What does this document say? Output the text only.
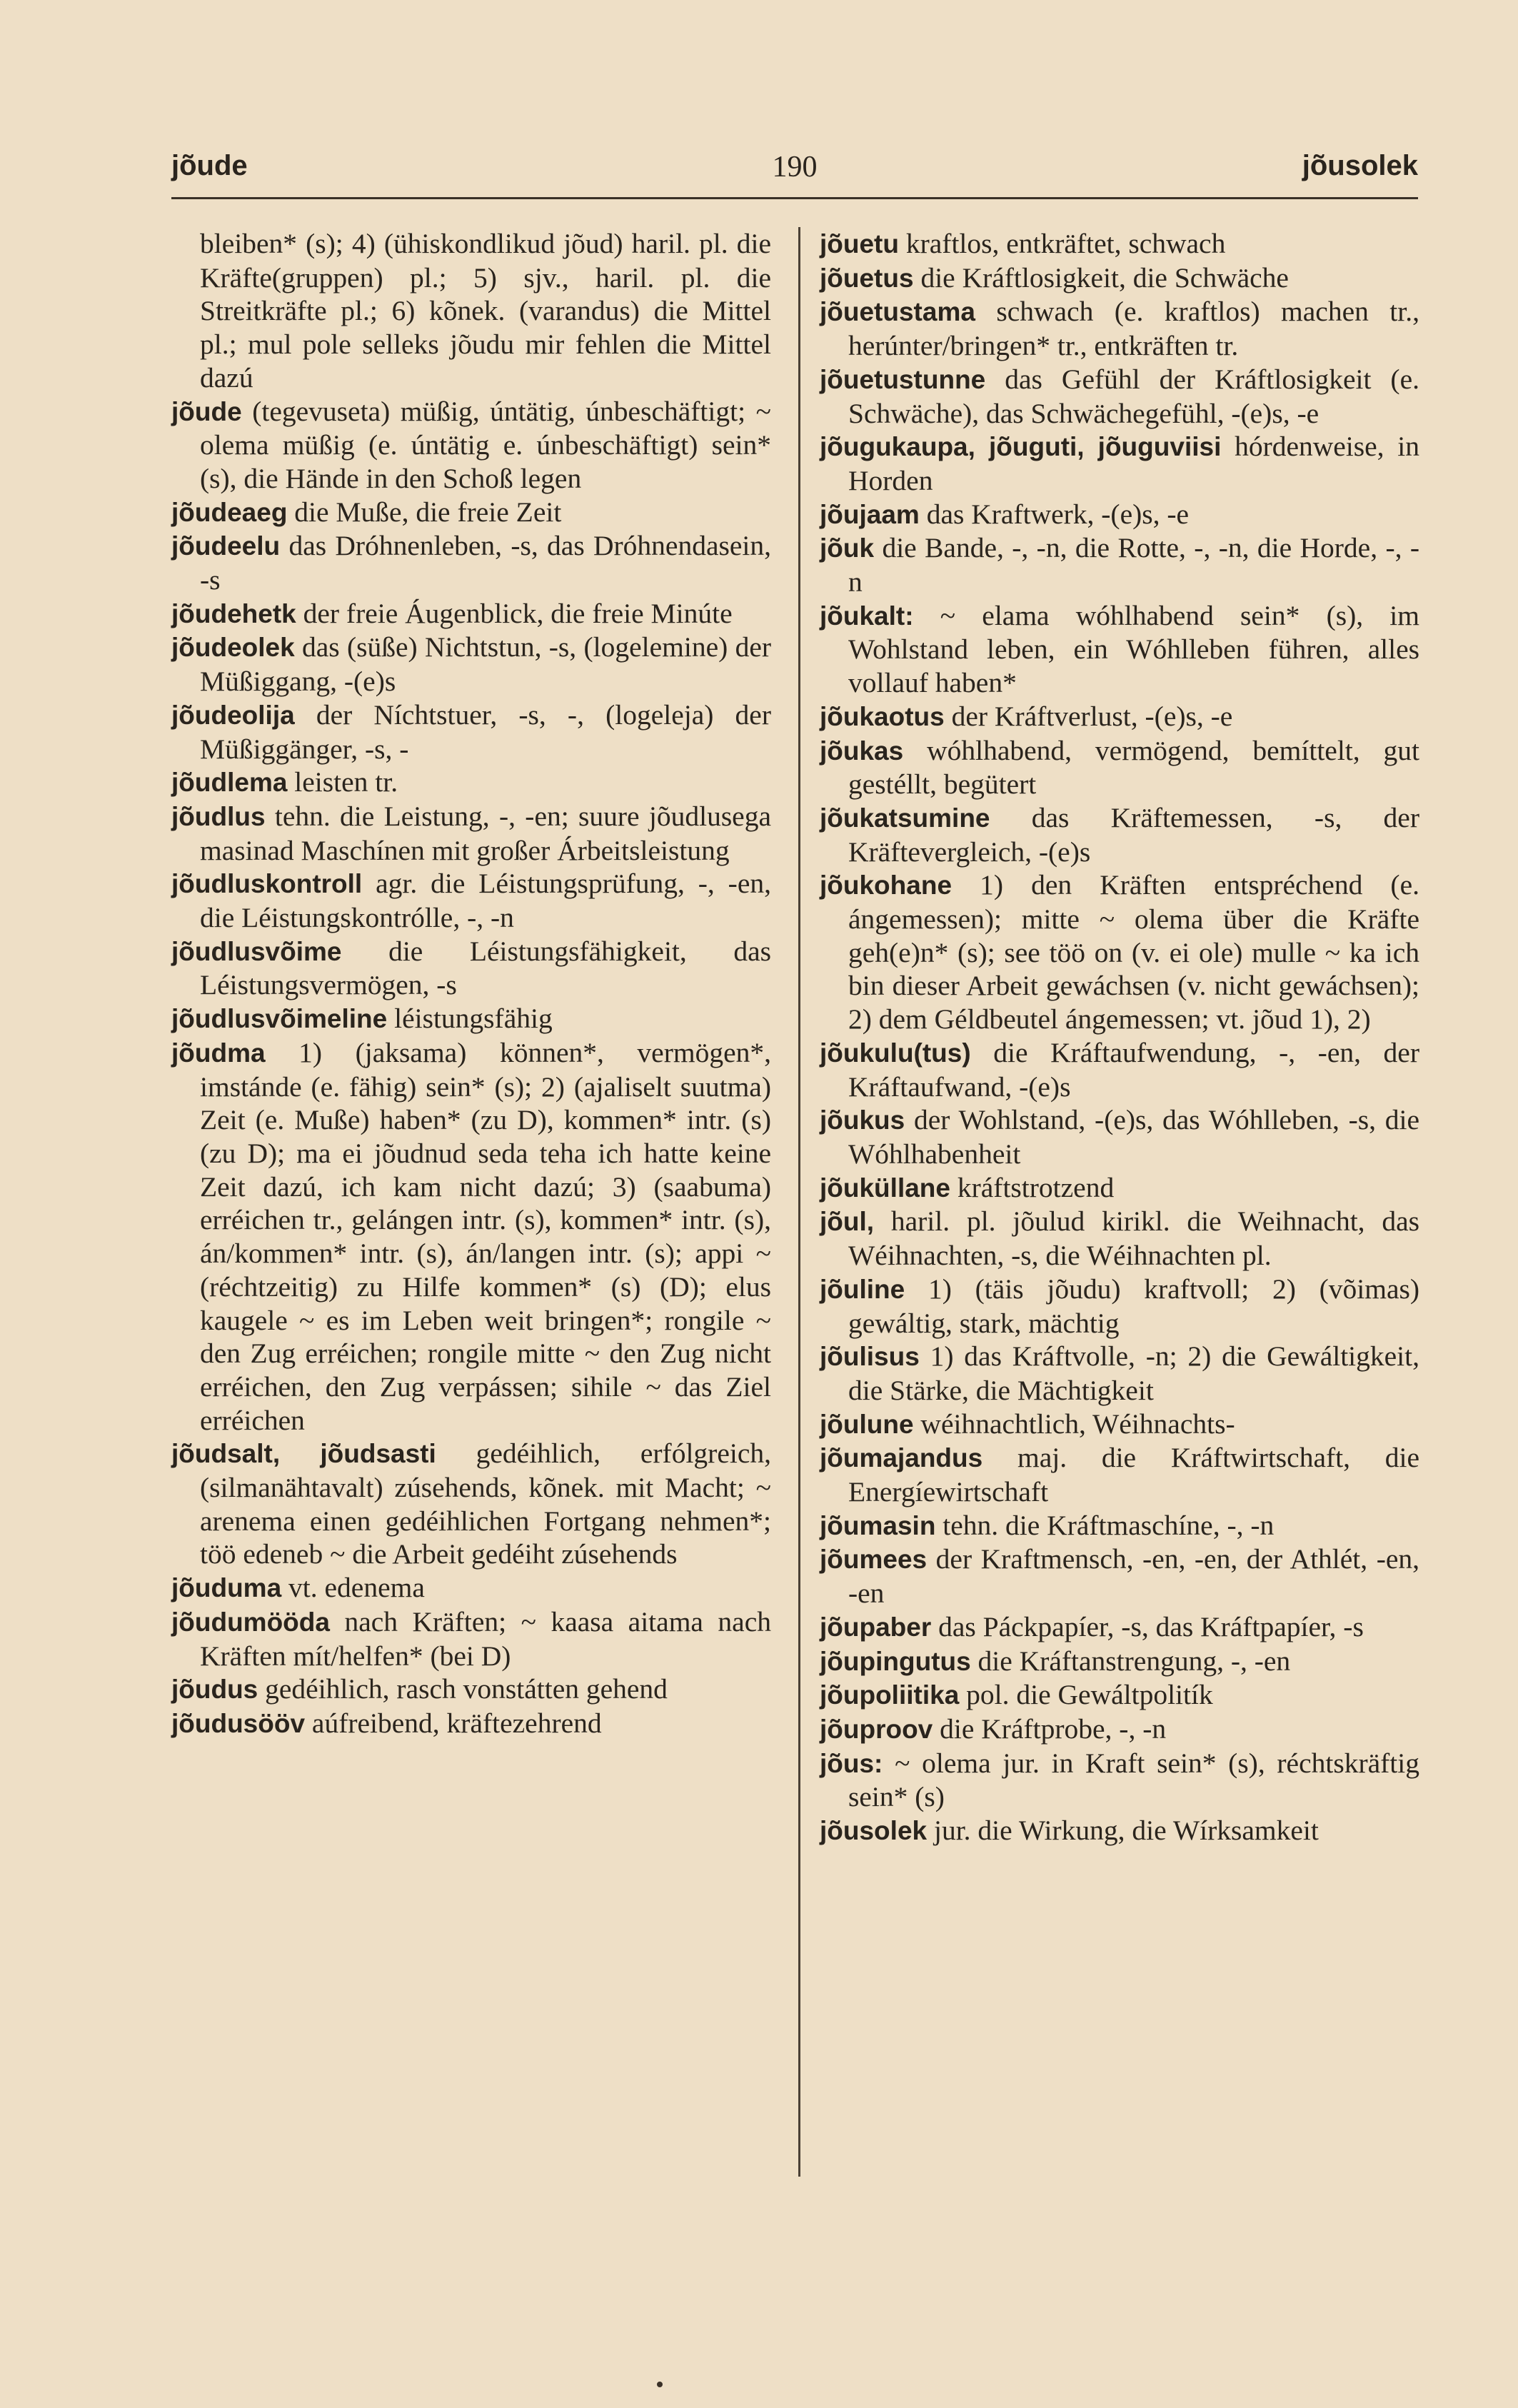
jõude	190	jõusolek

bleiben* (s); 4) (ühiskondlikud jõud) haril. pl. die Kräfte(gruppen) pl.; 5) sjv., haril. pl. die Streitkräfte pl.; 6) kõnek. (varandus) die Mittel pl.; mul pole selleks jõudu mir fehlen die Mittel dazú

jõude (tegevuseta) müßig, úntätig, únbeschäftigt; ~ olema müßig (e. úntätig e. únbeschäftigt) sein* (s), die Hände in den Schoß legen

jõudeaeg die Muße, die freie Zeit

jõudeelu das Dróhnenleben, -s, das Dróhnendasein, -s

jõudehetk der freie Áugenblick, die freie Minúte

jõudeolek das (süße) Nichtstun, -s, (logelemine) der Müßiggang, -(e)s

jõudeolija der Níchtstuer, -s, -, (logeleja) der Müßiggänger, -s, -

jõudlema leisten tr.

jõudlus tehn. die Leistung, -, -en; suure jõudlusega masinad Maschínen mit großer Árbeitsleistung

jõudluskontroll agr. die Léistungsprüfung, -, -en, die Léistungskontrólle, -, -n

jõudlusvõime die Léistungsfähigkeit, das Léistungsvermögen, -s

jõudlusvõimeline léistungsfähig

jõudma 1) (jaksama) können*, vermögen*, imstánde (e. fähig) sein* (s); 2) (ajaliselt suutma) Zeit (e. Muße) haben* (zu D), kommen* intr. (s) (zu D); ma ei jõudnud seda teha ich hatte keine Zeit dazú, ich kam nicht dazú; 3) (saabuma) erréichen tr., gelángen intr. (s), kommen* intr. (s), án/kommen* intr. (s), án/langen intr. (s); appi ~ (réchtzeitig) zu Hilfe kommen* (s) (D); elus kaugele ~ es im Leben weit bringen*; rongile ~ den Zug erréichen; rongile mitte ~ den Zug nicht erréichen, den Zug verpássen; sihile ~ das Ziel erréichen

jõudsalt, jõudsasti gedéihlich, erfólgreich, (silmanähtavalt) zúsehends, kõnek. mit Macht; ~ arenema einen gedéihlichen Fortgang nehmen*; töö edeneb ~ die Arbeit gedéiht zúsehends

jõuduma vt. edenema

jõudumööda nach Kräften; ~ kaasa aitama nach Kräften mít/helfen* (bei D)

jõudus gedéihlich, rasch vonstátten gehend

jõudusööv aúfreibend, kräftezehrend

jõuetu kraftlos, entkräftet, schwach

jõuetus die Kráftlosigkeit, die Schwäche

jõuetustama schwach (e. kraftlos) machen tr., herúnter/bringen* tr., entkräften tr.

jõuetustunne das Gefühl der Kráftlosigkeit (e. Schwäche), das Schwächegefühl, -(e)s, -e

jõugukaupa, jõuguti, jõuguviisi hórdenweise, in Horden

jõujaam das Kraftwerk, -(e)s, -e

jõuk die Bande, -, -n, die Rotte, -, -n, die Horde, -, -n

jõukalt: ~ elama wóhlhabend sein* (s), im Wohlstand leben, ein Wóhlleben führen, alles vollauf haben*

jõukaotus der Kráftverlust, -(e)s, -e

jõukas wóhlhabend, vermögend, bemíttelt, gut gestéllt, begütert

jõukatsumine das Kräftemessen, -s, der Kräftevergleich, -(e)s

jõukohane 1) den Kräften entspréchend (e. ángemessen); mitte ~ olema über die Kräfte geh(e)n* (s); see töö on (v. ei ole) mulle ~ ka ich bin dieser Arbeit gewáchsen (v. nicht gewáchsen); 2) dem Géldbeutel ángemessen; vt. jõud 1), 2)

jõukulu(tus) die Kráftaufwendung, -, -en, der Kráftaufwand, -(e)s

jõukus der Wohlstand, -(e)s, das Wóhlleben, -s, die Wóhlhabenheit

jõuküllane kráftstrotzend

jõul, haril. pl. jõulud kirikl. die Weihnacht, das Wéihnachten, -s, die Wéihnachten pl.

jõuline 1) (täis jõudu) kraftvoll; 2) (võimas) gewáltig, stark, mächtig

jõulisus 1) das Kráftvolle, -n; 2) die Gewáltigkeit, die Stärke, die Mächtigkeit

jõulune wéihnachtlich, Wéihnachts-

jõumajandus maj. die Kráftwirtschaft, die Energíewirtschaft

jõumasin tehn. die Kráftmaschíne, -, -n

jõumees der Kraftmensch, -en, -en, der Athlét, -en, -en

jõupaber das Páckpapíer, -s, das Kráftpapíer, -s

jõupingutus die Kráftanstrengung, -, -en

jõupoliitika pol. die Gewáltpolitík

jõuproov die Kráftprobe, -, -n

jõus: ~ olema jur. in Kraft sein* (s), réchtskräftig sein* (s)

jõusolek jur. die Wirkung, die Wírksamkeit
